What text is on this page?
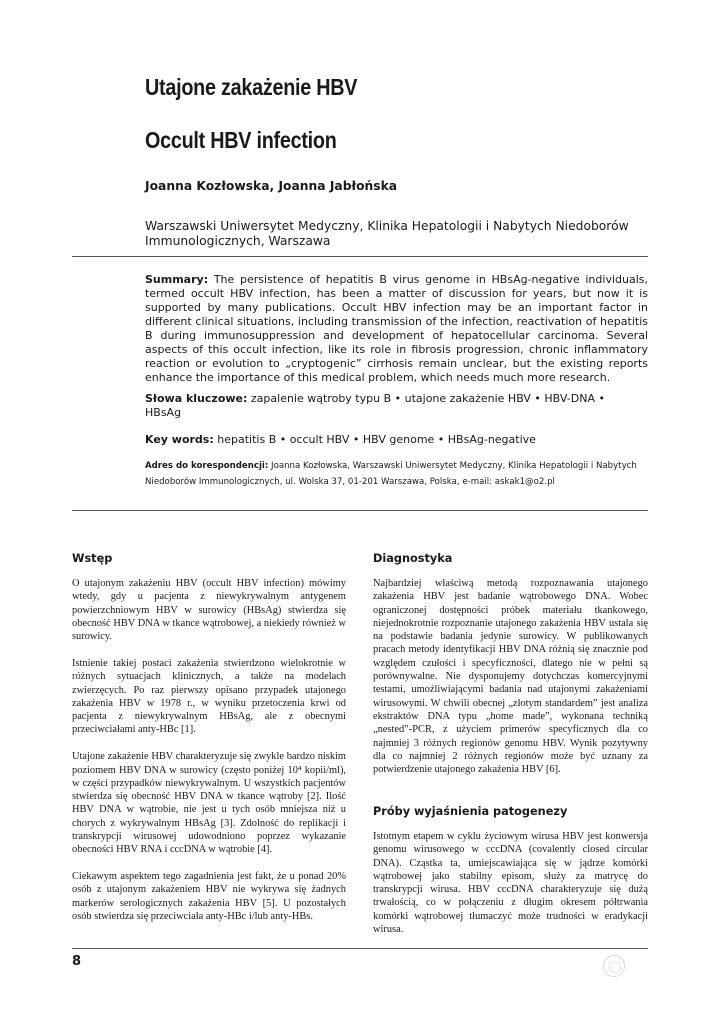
Utajone zakażenie HBV
Occult HBV infection
Joanna Kozłowska, Joanna Jabłońska
Warszawski Uniwersytet Medyczny, Klinika Hepatologii i Nabytych Niedoborów Immunologicznych, Warszawa
Summary: The persistence of hepatitis B virus genome in HBsAg-negative individuals, termed occult HBV infection, has been a matter of discussion for years, but now it is supported by many publications. Occult HBV infection may be an important factor in different clinical situations, including transmission of the infection, reactivation of hepatitis B during immunosuppression and development of hepatocellular carcinoma. Several aspects of this occult infection, like its role in fibrosis progression, chronic inflammatory reaction or evolution to „cryptogenic” cirrhosis remain unclear, but the existing reports enhance the importance of this medical problem, which needs much more research.
Słowa kluczowe: zapalenie wątroby typu B • utajone zakażenie HBV • HBV-DNA • HBsAg
Key words: hepatitis B • occult HBV • HBV genome • HBsAg-negative
Adres do korespondencji: Joanna Kozłowska, Warszawski Uniwersytet Medyczny, Klinika Hepatologii i Nabytych Niedoborów Immunologicznych, ul. Wolska 37, 01-201 Warszawa, Polska, e-mail: askak1@o2.pl
Wstęp

O utajonym zakażeniu HBV (occult HBV infection) mówimy wtedy, gdy u pacjenta z niewykrywalnym antygenem powierzchniowym HBV w surowicy (HBsAg) stwierdza się obecność HBV DNA w tkance wątrobowej, a niekiedy również w surowicy.

Istnienie takiej postaci zakażenia stwierdzono wielokrotnie w różnych sytuacjach klinicznych, a także na modelach zwierzęcych. Po raz pierwszy opisano przypadek utajonego zakażenia HBV w 1978 r., w wyniku przetoczenia krwi od pacjenta z niewykrywalnym HBsAg, ale z obecnymi przeciwciałami anty-HBc [1].

Utajone zakażenie HBV charakteryzuje się zwykle bardzo niskim poziomem HBV DNA w surowicy (często poniżej 10⁴ kopii/ml), w części przypadków niewykrywalnym. U wszystkich pacjentów stwierdza się obecność HBV DNA w tkance wątroby [2]. Ilość HBV DNA w wątrobie, nie jest u tych osób mniejsza niż u chorych z wykrywalnym HBsAg [3]. Zdolność do replikacji i transkrypcji wirusowej udowodniono poprzez wykazanie obecności HBV RNA i cccDNA w wątrobie [4].

Ciekawym aspektem tego zagadnienia jest fakt, że u ponad 20% osób z utajonym zakażeniem HBV nie wykrywa się żadnych markerów serologicznych zakażenia HBV [5]. U pozostałych osób stwierdza się przeciwciała anty-HBc i/lub anty-HBs.

Diagnostyka

Najbardziej właściwą metodą rozpoznawania utajonego zakażenia HBV jest badanie wątrobowego DNA. Wobec ograniczonej dostępności próbek materiału tkankowego, niejednokrotnie rozpoznanie utajonego zakażenia HBV ustala się na podstawie badania jedynie surowicy. W publikowanych pracach metody identyfikacji HBV DNA różnią się znacznie pod względem czułości i specyficzności, dlatego nie w pełni są porównywalne. Nie dysponujemy dotychczas komercyjnymi testami, umożliwiającymi badania nad utajonymi zakażeniami wirusowymi. W chwili obecnej „złotym standardem” jest analiza ekstraktów DNA typu „home made”, wykonana techniką „nested”-PCR, z użyciem primerów specyficznych dla co najmniej 3 różnych regionów genomu HBV. Wynik pozytywny dla co najmniej 2 różnych regionów może być uznany za potwierdzenie utajonego zakażenia HBV [6].

Próby wyjaśnienia patogenezy

Istotnym etapem w cyklu życiowym wirusa HBV jest konwersja genomu wirusowego w cccDNA (covalently closed circular DNA). Cząstka ta, umiejscawiająca się w jądrze komórki wątrobowej jako stabilny episom, służy za matrycę do transkrypcji wirusa. HBV cccDNA charakteryzuje się dużą trwałością, co w połączeniu z długim okresem półtrwania komórki wątrobowej tłumaczyć może trudności w eradykacji wirusa.

8
